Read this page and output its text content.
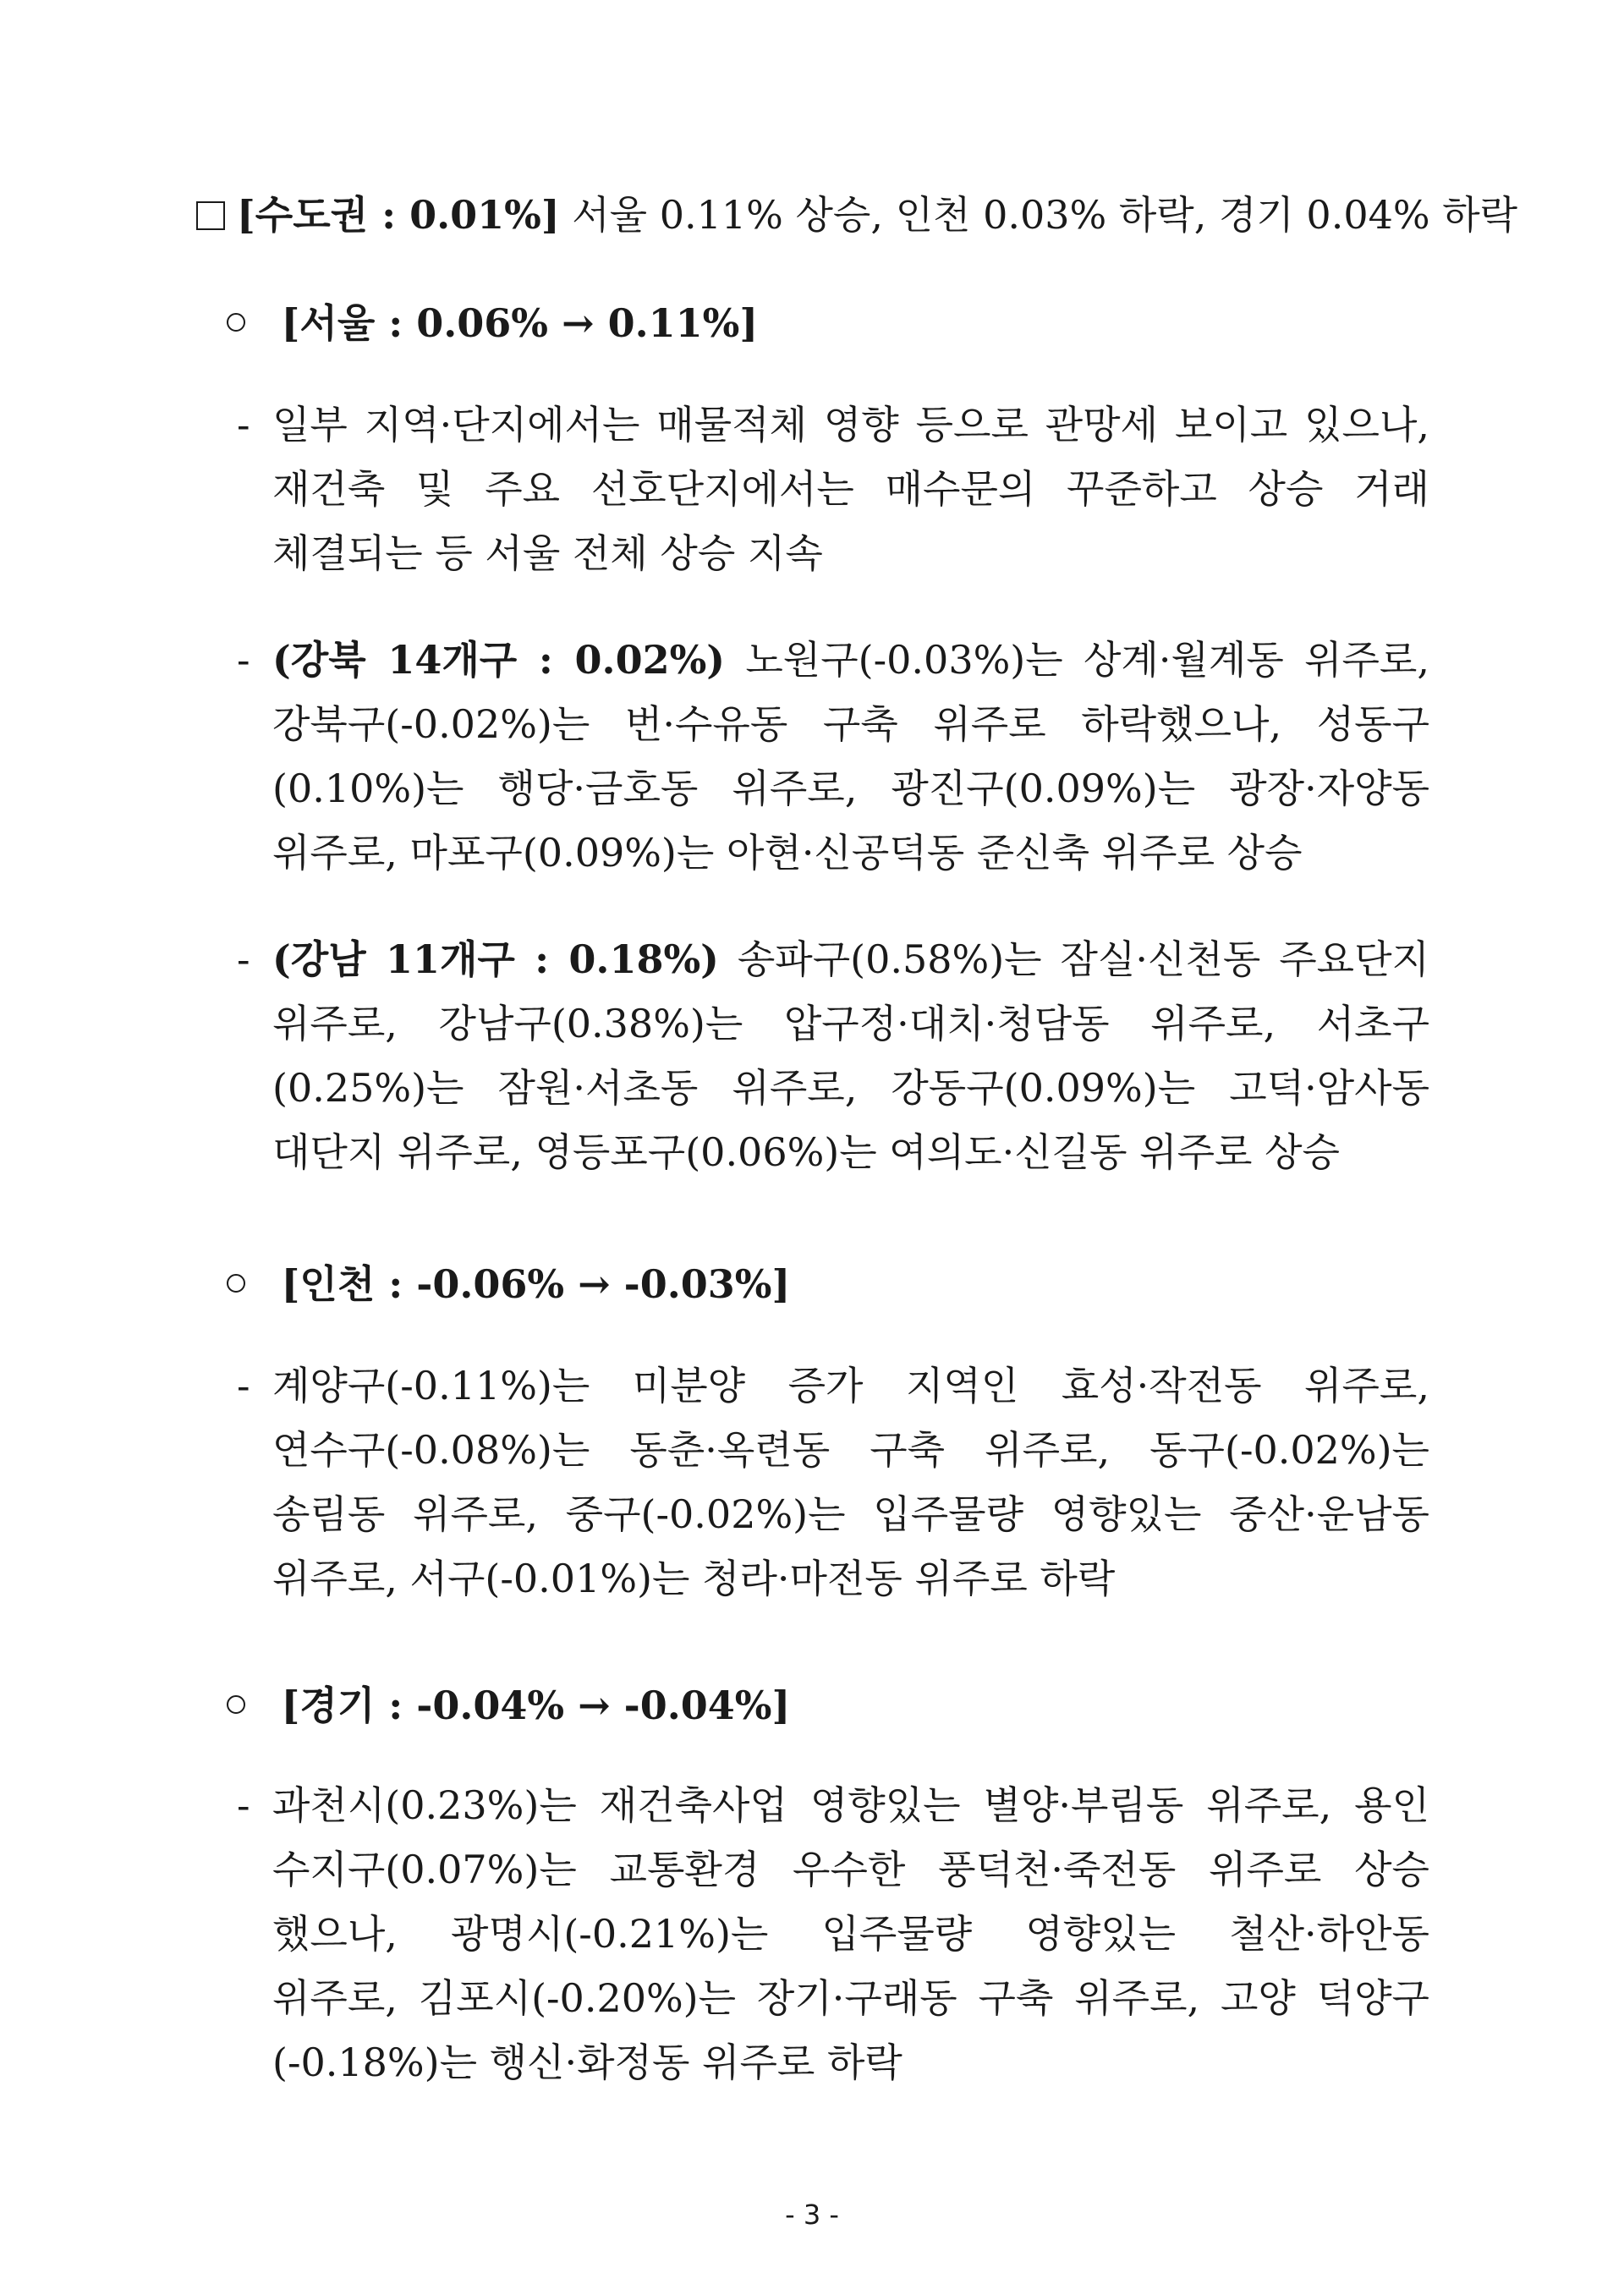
[수도권 : 0.01%] 서울 0.11% 상승, 인천 0.03% 하락, 경기 0.04% 하락
[서울 : 0.06% → 0.11%]
- 일부 지역·단지에서는 매물적체 영향 등으로 관망세 보이고 있으나,
재건축 및 주요 선호단지에서는 매수문의 꾸준하고 상승 거래
체결되는 등 서울 전체 상승 지속
- (강북 14개구 : 0.02%) 노원구(-0.03%)는 상계·월계동 위주로,
강북구(-0.02%)는 번·수유동 구축 위주로 하락했으나, 성동구
(0.10%)는 행당·금호동 위주로, 광진구(0.09%)는 광장·자양동
위주로, 마포구(0.09%)는 아현·신공덕동 준신축 위주로 상승
- (강남 11개구 : 0.18%) 송파구(0.58%)는 잠실·신천동 주요단지
위주로, 강남구(0.38%)는 압구정·대치·청담동 위주로, 서초구
(0.25%)는 잠원·서초동 위주로, 강동구(0.09%)는 고덕·암사동
대단지 위주로, 영등포구(0.06%)는 여의도·신길동 위주로 상승
[인천 : -0.06% → -0.03%]
- 계양구(-0.11%)는 미분양 증가 지역인 효성·작전동 위주로,
연수구(-0.08%)는 동춘·옥련동 구축 위주로, 동구(-0.02%)는
송림동 위주로, 중구(-0.02%)는 입주물량 영향있는 중산·운남동
위주로, 서구(-0.01%)는 청라·마전동 위주로 하락
[경기 : -0.04% → -0.04%]
- 과천시(0.23%)는 재건축사업 영향있는 별양·부림동 위주로, 용인
수지구(0.07%)는 교통환경 우수한 풍덕천·죽전동 위주로 상승
했으나, 광명시(-0.21%)는 입주물량 영향있는 철산·하안동
위주로, 김포시(-0.20%)는 장기·구래동 구축 위주로, 고양 덕양구
(-0.18%)는 행신·화정동 위주로 하락
- 3 -
